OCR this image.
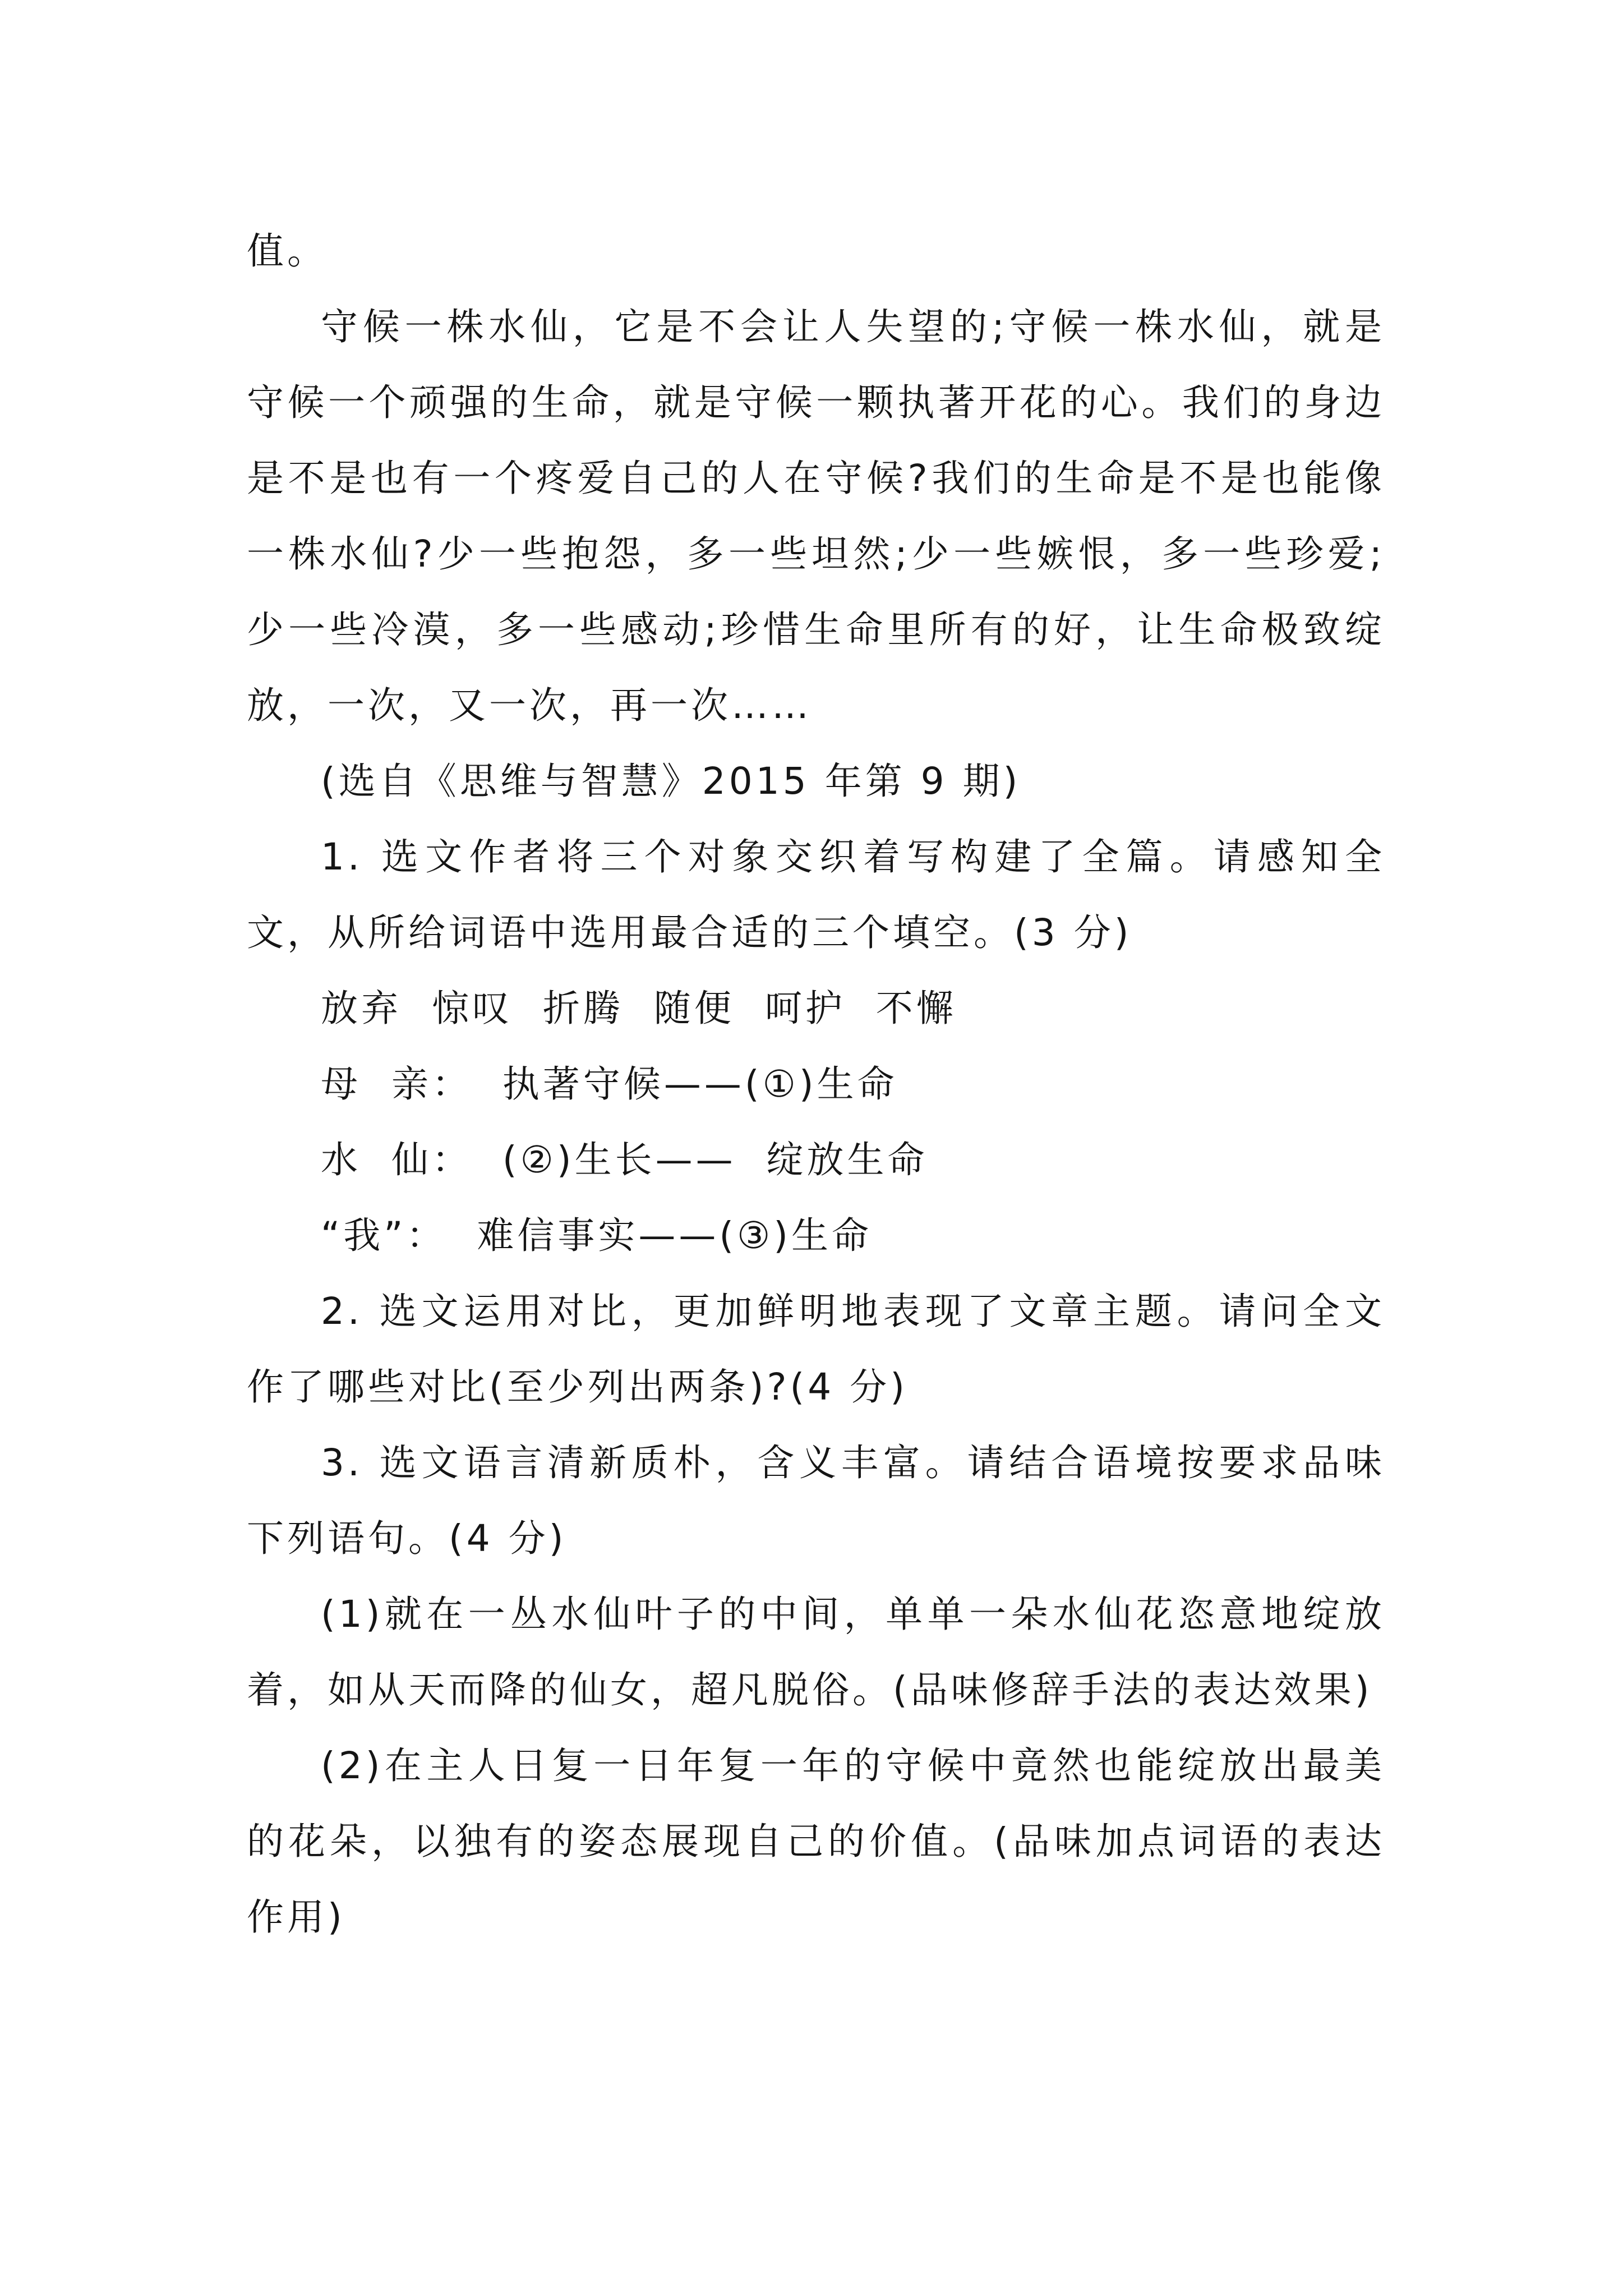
值。

守候一株水仙，它是不会让人失望的;守候一株水仙，就是守候一个顽强的生命，就是守候一颗执著开花的心。我们的身边是不是也有一个疼爱自己的人在守候?我们的生命是不是也能像一株水仙?少一些抱怨，多一些坦然;少一些嫉恨，多一些珍爱;少一些冷漠，多一些感动;珍惜生命里所有的好，让生命极致绽放，一次，又一次，再一次……

(选自《思维与智慧》2015 年第 9 期)

1. 选文作者将三个对象交织着写构建了全篇。请感知全文，从所给词语中选用最合适的三个填空。(3 分)

放弃  惊叹  折腾  随便  呵护  不懈

母  亲：  执著守候——(①)生命

水  仙：  (②)生长——  绽放生命

“我”：  难信事实——(③)生命

2. 选文运用对比，更加鲜明地表现了文章主题。请问全文作了哪些对比(至少列出两条)?(4 分)

3. 选文语言清新质朴，含义丰富。请结合语境按要求品味下列语句。(4 分)

(1)就在一丛水仙叶子的中间，单单一朵水仙花恣意地绽放着，如从天而降的仙女，超凡脱俗。(品味修辞手法的表达效果)

(2)在主人日复一日年复一年的守候中竟然也能绽放出最美的花朵，以独有的姿态展现自己的价值。(品味加点词语的表达作用)
